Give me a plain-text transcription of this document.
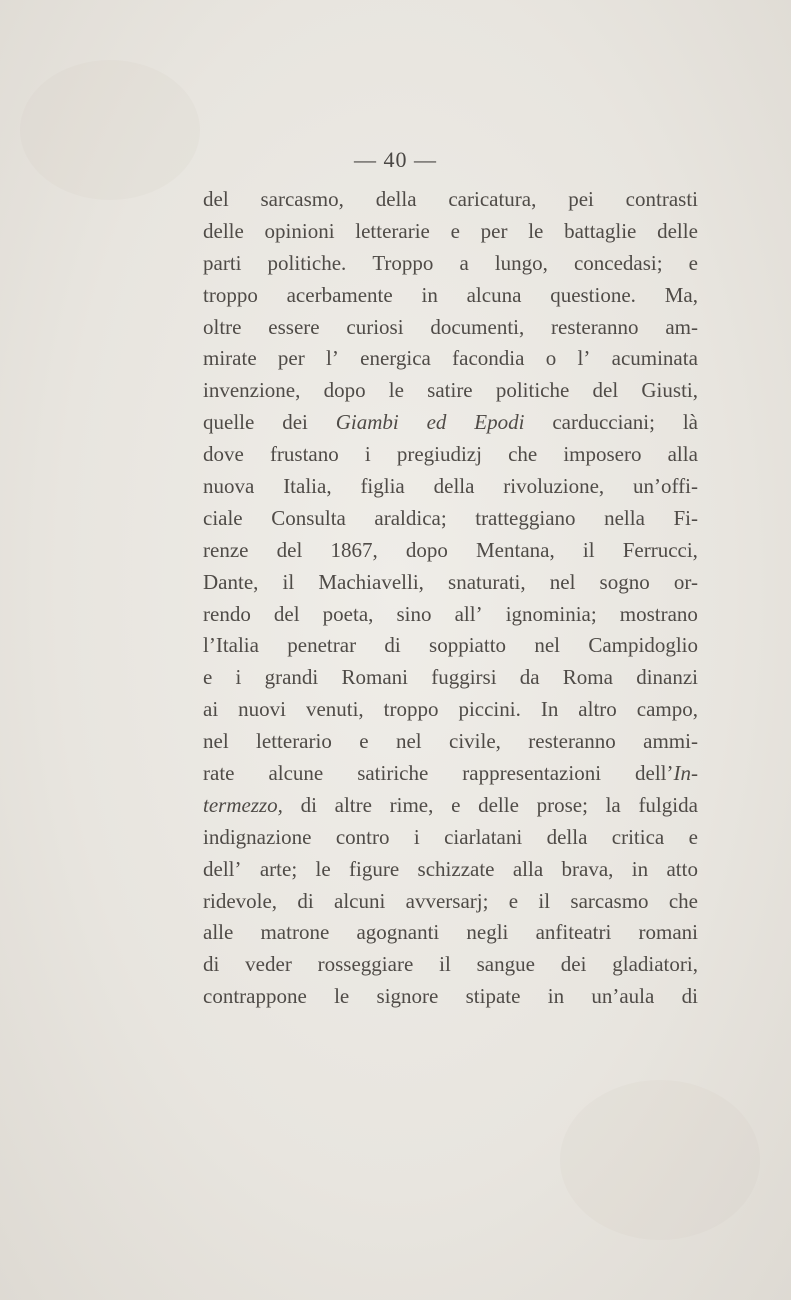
— 40 —
del sarcasmo, della caricatura, pei contrasti
delle opinioni letterarie e per le battaglie delle
parti politiche. Troppo a lungo, concedasi; e
troppo acerbamente in alcuna questione. Ma,
oltre essere curiosi documenti, resteranno am-
mirate per l’ energica facondia o l’ acuminata
invenzione, dopo le satire politiche del Giusti,
quelle dei Giambi ed Epodi carducciani; là
dove frustano i pregiudizj che imposero alla
nuova Italia, figlia della rivoluzione, un’offi-
ciale Consulta araldica; tratteggiano nella Fi-
renze del 1867, dopo Mentana, il Ferrucci,
Dante, il Machiavelli, snaturati, nel sogno or-
rendo del poeta, sino all’ ignominia; mostrano
l’Italia penetrar di soppiatto nel Campidoglio
e i grandi Romani fuggirsi da Roma dinanzi
ai nuovi venuti, troppo piccini. In altro campo,
nel letterario e nel civile, resteranno ammi-
rate alcune satiriche rappresentazioni dell’In-
termezzo, di altre rime, e delle prose; la fulgida
indignazione contro i ciarlatani della critica e
dell’ arte; le figure schizzate alla brava, in atto
ridevole, di alcuni avversarj; e il sarcasmo che
alle matrone agognanti negli anfiteatri romani
di veder rosseggiare il sangue dei gladiatori,
contrappone le signore stipate in un’aula di
